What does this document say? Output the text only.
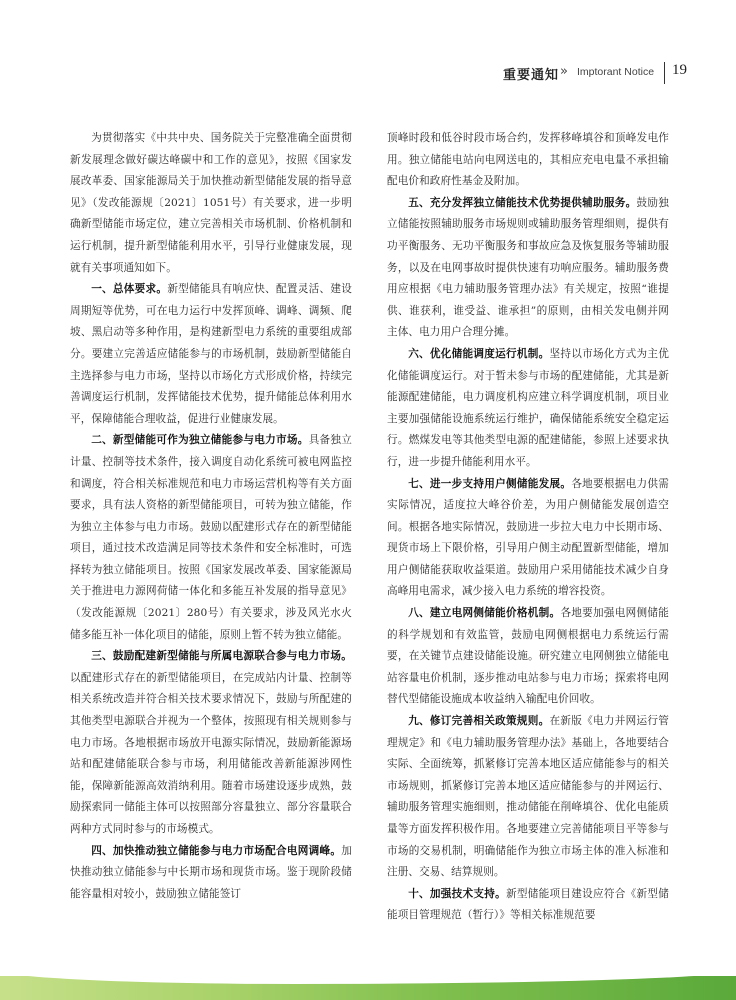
重要通知 » Imptorant Notice 19

为贯彻落实《中共中央、国务院关于完整准确全面贯彻新发展理念做好碳达峰碳中和工作的意见》，按照《国家发展改革委、国家能源局关于加快推动新型储能发展的指导意见》（发改能源规〔2021〕1051号）有关要求，进一步明确新型储能市场定位，建立完善相关市场机制、价格机制和运行机制，提升新型储能利用水平，引导行业健康发展，现就有关事项通知如下。

一、总体要求。新型储能具有响应快、配置灵活、建设周期短等优势，可在电力运行中发挥顶峰、调峰、调频、爬坡、黑启动等多种作用，是构建新型电力系统的重要组成部分。要建立完善适应储能参与的市场机制，鼓励新型储能自主选择参与电力市场，坚持以市场化方式形成价格，持续完善调度运行机制，发挥储能技术优势，提升储能总体利用水平，保障储能合理收益，促进行业健康发展。

二、新型储能可作为独立储能参与电力市场。具备独立计量、控制等技术条件，接入调度自动化系统可被电网监控和调度，符合相关标准规范和电力市场运营机构等有关方面要求，具有法人资格的新型储能项目，可转为独立储能，作为独立主体参与电力市场。鼓励以配建形式存在的新型储能项目，通过技术改造满足同等技术条件和安全标准时，可选择转为独立储能项目。按照《国家发展改革委、国家能源局关于推进电力源网荷储一体化和多能互补发展的指导意见》（发改能源规〔2021〕280号）有关要求，涉及风光水火储多能互补一体化项目的储能，原则上暂不转为独立储能。

三、鼓励配建新型储能与所属电源联合参与电力市场。以配建形式存在的新型储能项目，在完成站内计量、控制等相关系统改造并符合相关技术要求情况下，鼓励与所配建的其他类型电源联合并视为一个整体，按照现有相关规则参与电力市场。各地根据市场放开电源实际情况，鼓励新能源场站和配建储能联合参与市场，利用储能改善新能源涉网性能，保障新能源高效消纳利用。随着市场建设逐步成熟，鼓励探索同一储能主体可以按照部分容量独立、部分容量联合两种方式同时参与的市场模式。

四、加快推动独立储能参与电力市场配合电网调峰。加快推动独立储能参与中长期市场和现货市场。鉴于现阶段储能容量相对较小，鼓励独立储能签订

顶峰时段和低谷时段市场合约，发挥移峰填谷和顶峰发电作用。独立储能电站向电网送电的，其相应充电电量不承担输配电价和政府性基金及附加。

五、充分发挥独立储能技术优势提供辅助服务。鼓励独立储能按照辅助服务市场规则或辅助服务管理细则，提供有功平衡服务、无功平衡服务和事故应急及恢复服务等辅助服务，以及在电网事故时提供快速有功响应服务。辅助服务费用应根据《电力辅助服务管理办法》有关规定，按照“谁提供、谁获利，谁受益、谁承担”的原则，由相关发电侧并网主体、电力用户合理分摊。

六、优化储能调度运行机制。坚持以市场化方式为主优化储能调度运行。对于暂未参与市场的配建储能，尤其是新能源配建储能，电力调度机构应建立科学调度机制，项目业主要加强储能设施系统运行维护，确保储能系统安全稳定运行。燃煤发电等其他类型电源的配建储能，参照上述要求执行，进一步提升储能利用水平。

七、进一步支持用户侧储能发展。各地要根据电力供需实际情况，适度拉大峰谷价差，为用户侧储能发展创造空间。根据各地实际情况，鼓励进一步拉大电力中长期市场、现货市场上下限价格，引导用户侧主动配置新型储能，增加用户侧储能获取收益渠道。鼓励用户采用储能技术减少自身高峰用电需求，减少接入电力系统的增容投资。

八、建立电网侧储能价格机制。各地要加强电网侧储能的科学规划和有效监管，鼓励电网侧根据电力系统运行需要，在关键节点建设储能设施。研究建立电网侧独立储能电站容量电价机制，逐步推动电站参与电力市场；探索将电网替代型储能设施成本收益纳入输配电价回收。

九、修订完善相关政策规则。在新版《电力并网运行管理规定》和《电力辅助服务管理办法》基础上，各地要结合实际、全面统筹，抓紧修订完善本地区适应储能参与的相关市场规则，抓紧修订完善本地区适应储能参与的并网运行、辅助服务管理实施细则，推动储能在削峰填谷、优化电能质量等方面发挥积极作用。各地要建立完善储能项目平等参与市场的交易机制，明确储能作为独立市场主体的准入标准和注册、交易、结算规则。

十、加强技术支持。新型储能项目建设应符合《新型储能项目管理规范（暂行）》等相关标准规范要
